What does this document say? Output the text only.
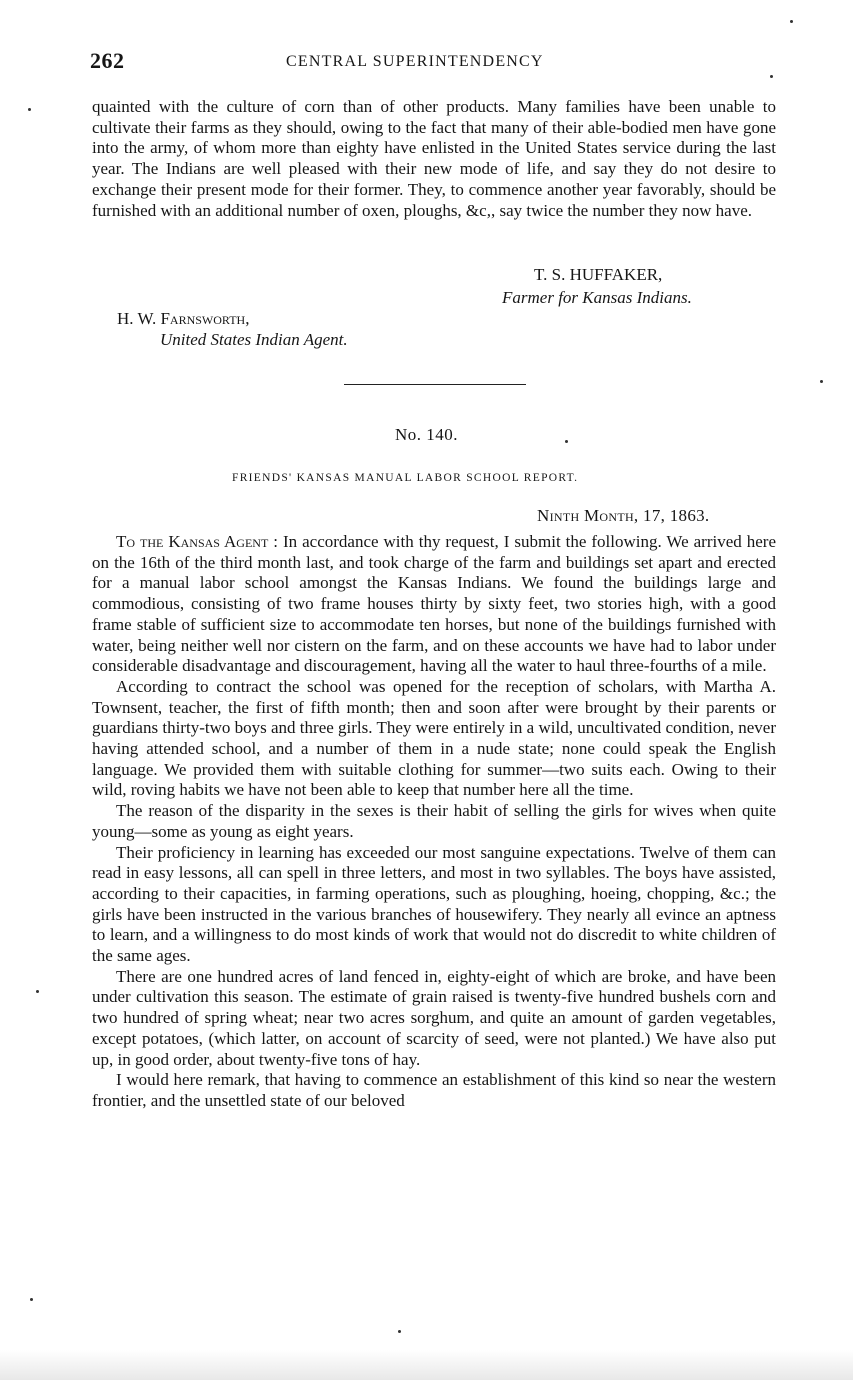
262	CENTRAL SUPERINTENDENCY

quainted with the culture of corn than of other products. Many families have been unable to cultivate their farms as they should, owing to the fact that many of their able-bodied men have gone into the army, of whom more than eighty have enlisted in the United States service during the last year. The Indians are well pleased with their new mode of life, and say they do not desire to exchange their present mode for their former. They, to commence another year favorably, should be furnished with an additional number of oxen, ploughs, &c,, say twice the number they now have.

T. S. HUFFAKER,
Farmer for Kansas Indians.
H. W. Farnsworth,
United States Indian Agent.
No. 140.
FRIENDS' KANSAS MANUAL LABOR SCHOOL REPORT.
Ninth Month, 17, 1863.

To the Kansas Agent : In accordance with thy request, I submit the following. We arrived here on the 16th of the third month last, and took charge of the farm and buildings set apart and erected for a manual labor school amongst the Kansas Indians. We found the buildings large and commodious, consisting of two frame houses thirty by sixty feet, two stories high, with a good frame stable of sufficient size to accommodate ten horses, but none of the buildings furnished with water, being neither well nor cistern on the farm, and on these accounts we have had to labor under considerable disadvantage and discouragement, having all the water to haul three-fourths of a mile.

According to contract the school was opened for the reception of scholars, with Martha A. Townsent, teacher, the first of fifth month; then and soon after were brought by their parents or guardians thirty-two boys and three girls. They were entirely in a wild, uncultivated condition, never having attended school, and a number of them in a nude state; none could speak the English language. We provided them with suitable clothing for summer—two suits each. Owing to their wild, roving habits we have not been able to keep that number here all the time.

The reason of the disparity in the sexes is their habit of selling the girls for wives when quite young—some as young as eight years.

Their proficiency in learning has exceeded our most sanguine expectations. Twelve of them can read in easy lessons, all can spell in three letters, and most in two syllables. The boys have assisted, according to their capacities, in farming operations, such as ploughing, hoeing, chopping, &c.; the girls have been instructed in the various branches of housewifery. They nearly all evince an aptness to learn, and a willingness to do most kinds of work that would not do discredit to white children of the same ages.

There are one hundred acres of land fenced in, eighty-eight of which are broke, and have been under cultivation this season. The estimate of grain raised is twenty-five hundred bushels corn and two hundred of spring wheat; near two acres sorghum, and quite an amount of garden vegetables, except potatoes, (which latter, on account of scarcity of seed, were not planted.) We have also put up, in good order, about twenty-five tons of hay.

I would here remark, that having to commence an establishment of this kind so near the western frontier, and the unsettled state of our beloved
